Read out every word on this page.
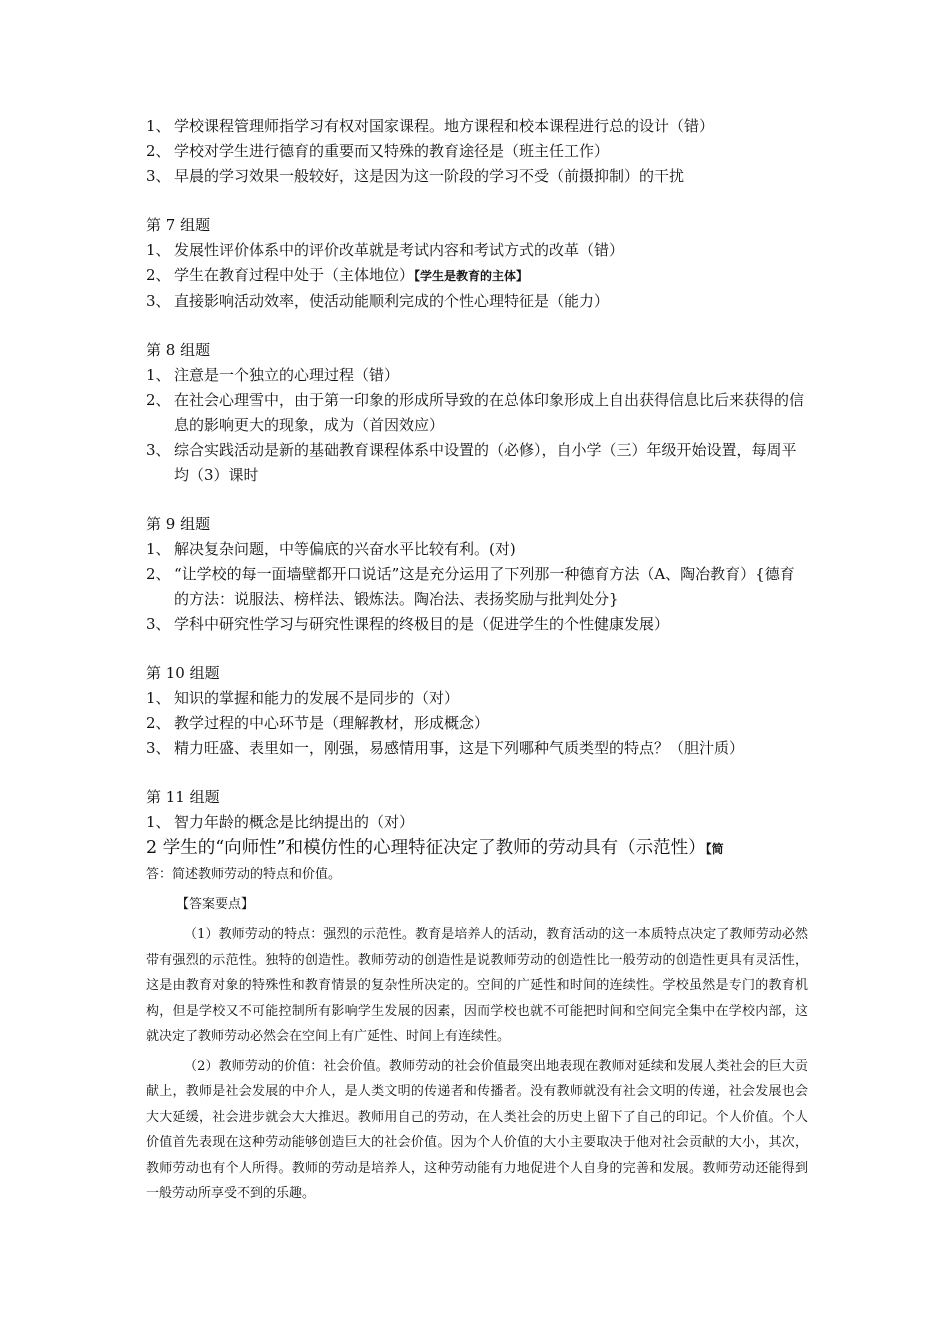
1、 学校课程管理师指学习有权对国家课程。地方课程和校本课程进行总的设计（错）
2、 学校对学生进行德育的重要而又特殊的教育途径是（班主任工作）
3、 早晨的学习效果一般较好，这是因为这一阶段的学习不受（前摄抑制）的干扰
第 7 组题
1、 发展性评价体系中的评价改革就是考试内容和考试方式的改革（错）
2、 学生在教育过程中处于（主体地位）【学生是教育的主体】
3、 直接影响活动效率，使活动能顺利完成的个性心理特征是（能力）
第 8 组题
1、 注意是一个独立的心理过程（错）
2、 在社会心理雪中，由于第一印象的形成所导致的在总体印象形成上自出获得信息比后来获得的信息的影响更大的现象，成为（首因效应）
3、 综合实践活动是新的基础教育课程体系中设置的（必修），自小学（三）年级开始设置，每周平均（3）课时
第 9 组题
1、 解决复杂问题，中等偏底的兴奋水平比较有利。(对)
2、 “让学校的每一面墙壁都开口说话”这是充分运用了下列那一种德育方法（A、陶冶教育）{德育的方法：说服法、榜样法、锻炼法。陶冶法、表扬奖励与批判处分}
3、 学科中研究性学习与研究性课程的终极目的是（促进学生的个性健康发展）
第 10 组题
1、 知识的掌握和能力的发展不是同步的（对）
2、 教学过程的中心环节是（理解教材，形成概念）
3、 精力旺盛、表里如一，刚强，易感情用事，这是下列哪种气质类型的特点？（胆汁质）
第 11 组题
1、 智力年龄的概念是比纳提出的（对）
2 学生的“向师性”和模仿性的心理特征决定了教师的劳动具有（示范性）【简
答：简述教师劳动的特点和价值。
【答案要点】
（1）教师劳动的特点：强烈的示范性。教育是培养人的活动，教育活动的这一本质特点决定了教师劳动必然带有强烈的示范性。独特的创造性。教师劳动的创造性是说教师劳动的创造性比一般劳动的创造性更具有灵活性，这是由教育对象的特殊性和教育情景的复杂性所决定的。空间的广延性和时间的连续性。学校虽然是专门的教育机构，但是学校又不可能控制所有影响学生发展的因素，因而学校也就不可能把时间和空间完全集中在学校内部，这就决定了教师劳动必然会在空间上有广延性、时间上有连续性。
（2）教师劳动的价值：社会价值。教师劳动的社会价值最突出地表现在教师对延续和发展人类社会的巨大贡献上，教师是社会发展的中介人，是人类文明的传递者和传播者。没有教师就没有社会文明的传递，社会发展也会大大延缓，社会进步就会大大推迟。教师用自己的劳动，在人类社会的历史上留下了自己的印记。个人价值。个人价值首先表现在这种劳动能够创造巨大的社会价值。因为个人价值的大小主要取决于他对社会贡献的大小，其次，教师劳动也有个人所得。教师的劳动是培养人，这种劳动能有力地促进个人自身的完善和发展。教师劳动还能得到一般劳动所享受不到的乐趣。
